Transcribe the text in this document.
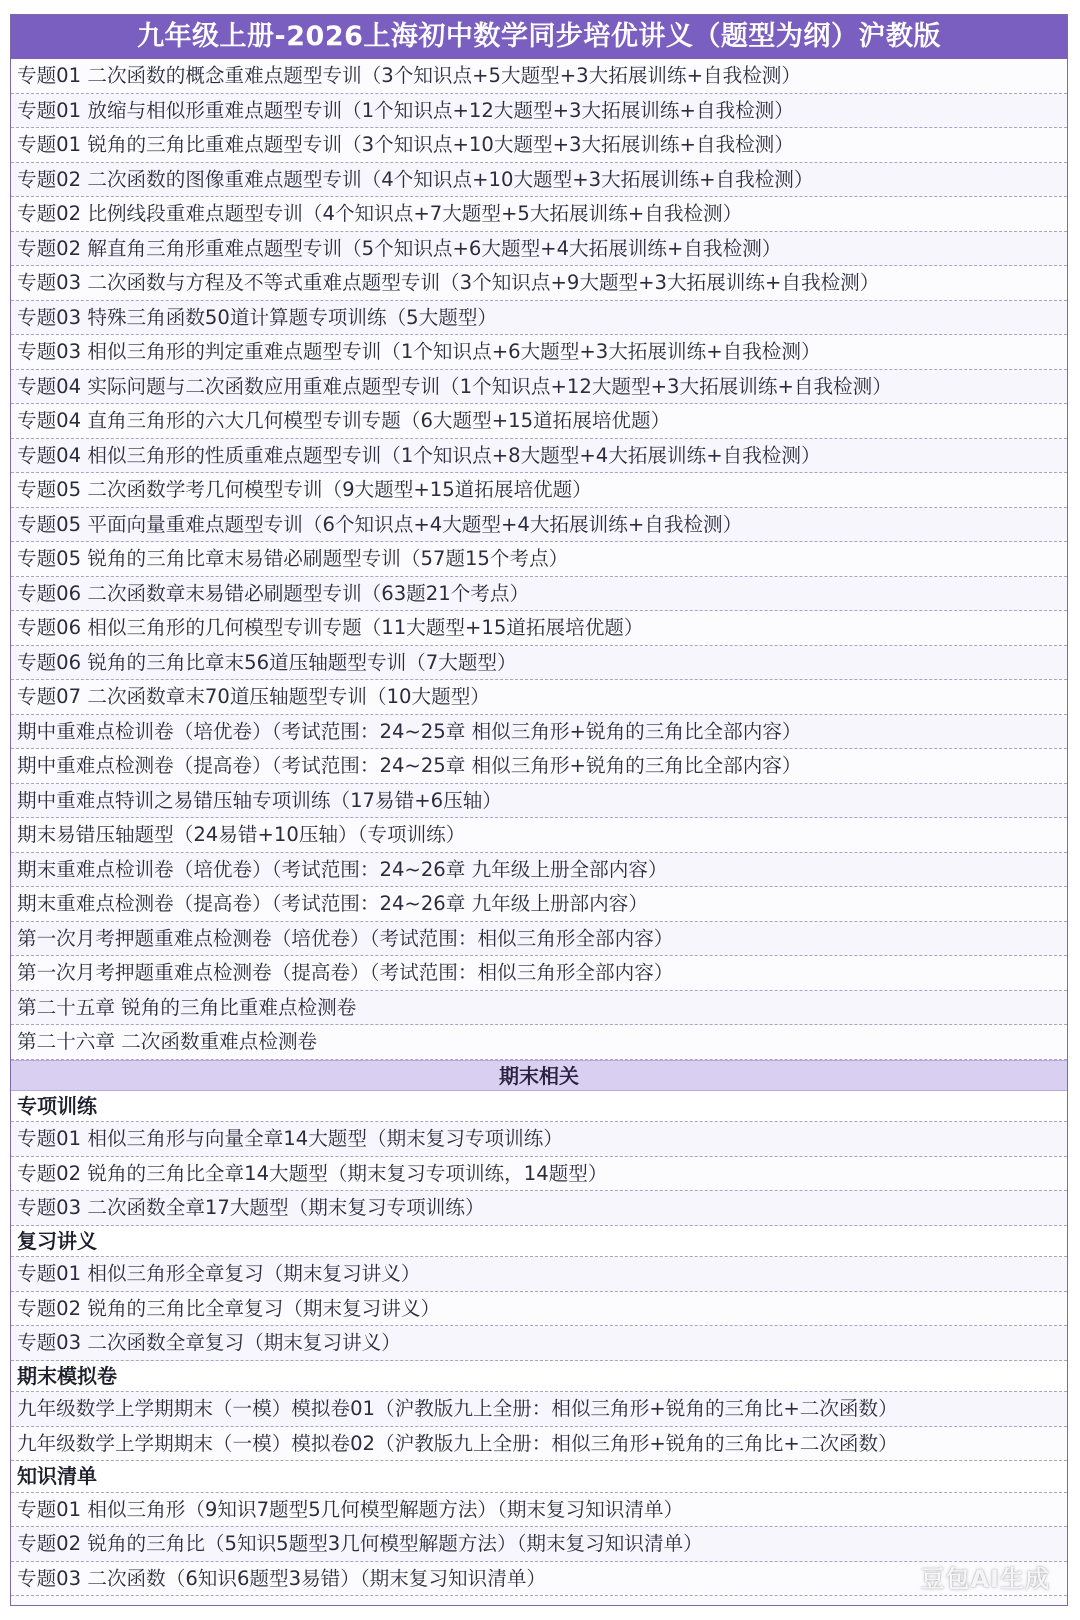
九年级上册-2026上海初中数学同步培优讲义（题型为纲）沪教版
专题01 二次函数的概念重难点题型专训（3个知识点+5大题型+3大拓展训练+自我检测）
专题01 放缩与相似形重难点题型专训（1个知识点+12大题型+3大拓展训练+自我检测）
专题01 锐角的三角比重难点题型专训（3个知识点+10大题型+3大拓展训练+自我检测）
专题02 二次函数的图像重难点题型专训（4个知识点+10大题型+3大拓展训练+自我检测）
专题02 比例线段重难点题型专训（4个知识点+7大题型+5大拓展训练+自我检测）
专题02 解直角三角形重难点题型专训（5个知识点+6大题型+4大拓展训练+自我检测）
专题03 二次函数与方程及不等式重难点题型专训（3个知识点+9大题型+3大拓展训练+自我检测）
专题03 特殊三角函数50道计算题专项训练（5大题型）
专题03 相似三角形的判定重难点题型专训（1个知识点+6大题型+3大拓展训练+自我检测）
专题04 实际问题与二次函数应用重难点题型专训（1个知识点+12大题型+3大拓展训练+自我检测）
专题04 直角三角形的六大几何模型专训专题（6大题型+15道拓展培优题）
专题04 相似三角形的性质重难点题型专训（1个知识点+8大题型+4大拓展训练+自我检测）
专题05 二次函数学考几何模型专训（9大题型+15道拓展培优题）
专题05 平面向量重难点题型专训（6个知识点+4大题型+4大拓展训练+自我检测）
专题05 锐角的三角比章末易错必刷题型专训（57题15个考点）
专题06 二次函数章末易错必刷题型专训（63题21个考点）
专题06 相似三角形的几何模型专训专题（11大题型+15道拓展培优题）
专题06 锐角的三角比章末56道压轴题型专训（7大题型）
专题07 二次函数章末70道压轴题型专训（10大题型）
期中重难点检训卷（培优卷）（考试范围：24~25章 相似三角形+锐角的三角比全部内容）
期中重难点检测卷（提高卷）（考试范围：24~25章 相似三角形+锐角的三角比全部内容）
期中重难点特训之易错压轴专项训练（17易错+6压轴）
期末易错压轴题型（24易错+10压轴）（专项训练）
期末重难点检训卷（培优卷）（考试范围：24~26章 九年级上册全部内容）
期末重难点检测卷（提高卷）（考试范围：24~26章 九年级上册部内容）
第一次月考押题重难点检测卷（培优卷）（考试范围：相似三角形全部内容）
第一次月考押题重难点检测卷（提高卷）（考试范围：相似三角形全部内容）
第二十五章 锐角的三角比重难点检测卷
第二十六章 二次函数重难点检测卷
期末相关
专项训练
专题01 相似三角形与向量全章14大题型（期末复习专项训练）
专题02 锐角的三角比全章14大题型（期末复习专项训练，14题型）
专题03 二次函数全章17大题型（期末复习专项训练）
复习讲义
专题01 相似三角形全章复习（期末复习讲义）
专题02 锐角的三角比全章复习（期末复习讲义）
专题03 二次函数全章复习（期末复习讲义）
期末模拟卷
九年级数学上学期期末（一模）模拟卷01（沪教版九上全册：相似三角形+锐角的三角比+二次函数）
九年级数学上学期期末（一模）模拟卷02（沪教版九上全册：相似三角形+锐角的三角比+二次函数）
知识清单
专题01 相似三角形（9知识7题型5几何模型解题方法）（期末复习知识清单）
专题02 锐角的三角比（5知识5题型3几何模型解题方法）（期末复习知识清单）
专题03 二次函数（6知识6题型3易错）（期末复习知识清单）	豆包AI生成
